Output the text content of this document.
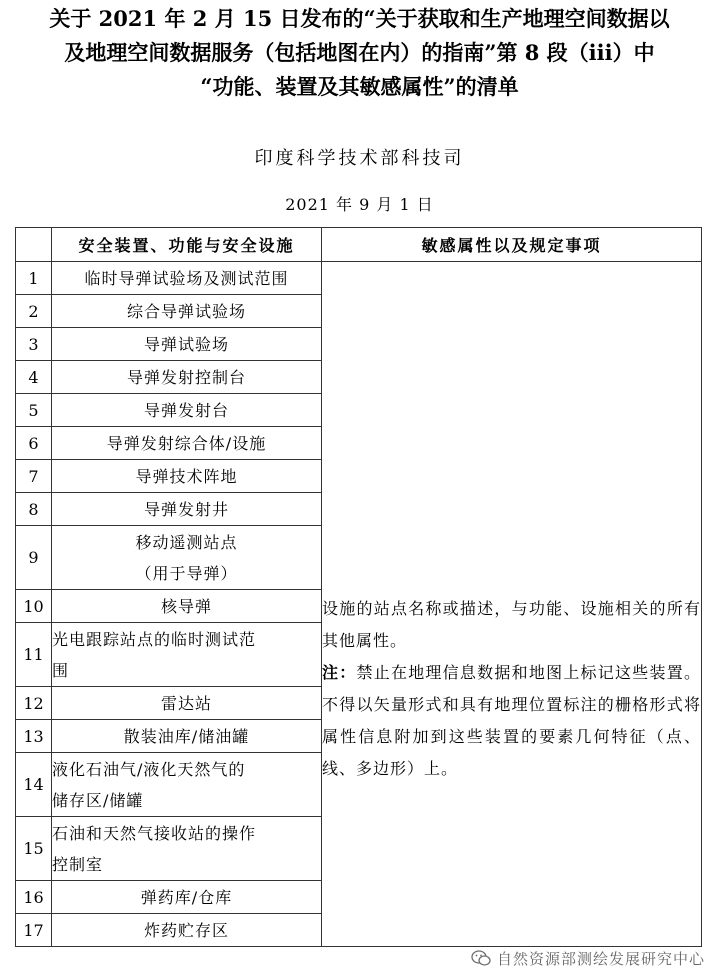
关于 2021 年 2 月 15 日发布的“关于获取和生产地理空间数据以
及地理空间数据服务（包括地图在内）的指南”第 8 段（iii）中
“功能、装置及其敏感属性”的清单
印度科学技术部科技司
2021 年 9 月 1 日
	安全装置、功能与安全设施	敏感属性以及规定事项
1	临时导弹试验场及测试范围	设施的站点名称或描述，与功能、设施相关的所有其他属性。

注：禁止在地理信息数据和地图上标记这些装置。不得以矢量形式和具有地理位置标注的栅格形式将属性信息附加到这些装置的要素几何特征（点、线、多边形）上。

2	综合导弹试验场	
3	导弹试验场	
4	导弹发射控制台	
5	导弹发射台	
6	导弹发射综合体/设施	
7	导弹技术阵地	
8	导弹发射井	
9	移动遥测站点
（用于导弹）	
10	核导弹	
11	光电跟踪站点的临时测试范
围	
12	雷达站	
13	散装油库/储油罐	
14	液化石油气/液化天然气的
储存区/储罐	
15	石油和天然气接收站的操作
控制室	
16	弹药库/仓库	
17	炸药贮存区	
自然资源部测绘发展研究中心
